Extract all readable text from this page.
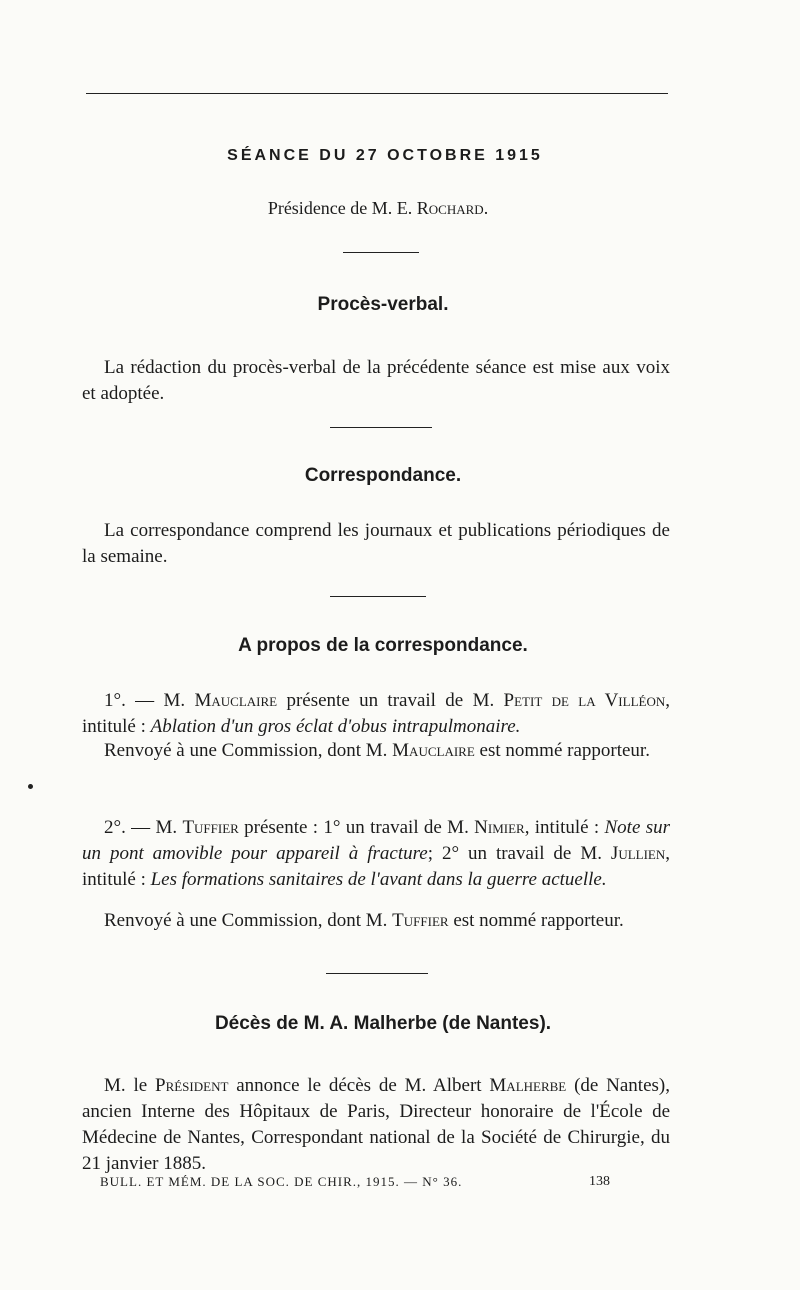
SÉANCE DU 27 OCTOBRE 1915
Présidence de M. E. Rochard.
Procès-verbal.

La rédaction du procès-verbal de la précédente séance est mise aux voix et adoptée.

Correspondance.

La correspondance comprend les journaux et publications périodiques de la semaine.

A propos de la correspondance.

1°. — M. Mauclaire présente un travail de M. Petit de la Villéon, intitulé : Ablation d'un gros éclat d'obus intrapulmonaire.

Renvoyé à une Commission, dont M. Mauclaire est nommé rapporteur.

2°. — M. Tuffier présente : 1° un travail de M. Nimier, intitulé : Note sur un pont amovible pour appareil à fracture; 2° un travail de M. Jullien, intitulé : Les formations sanitaires de l'avant dans la guerre actuelle.

Renvoyé à une Commission, dont M. Tuffier est nommé rapporteur.

Décès de M. A. Malherbe (de Nantes).

M. le Président annonce le décès de M. Albert Malherbe (de Nantes), ancien Interne des Hôpitaux de Paris, Directeur honoraire de l'École de Médecine de Nantes, Correspondant national de la Société de Chirurgie, du 21 janvier 1885.

BULL. ET MÉM. DE LA SOC. DE CHIR., 1915. — N° 36.	138
